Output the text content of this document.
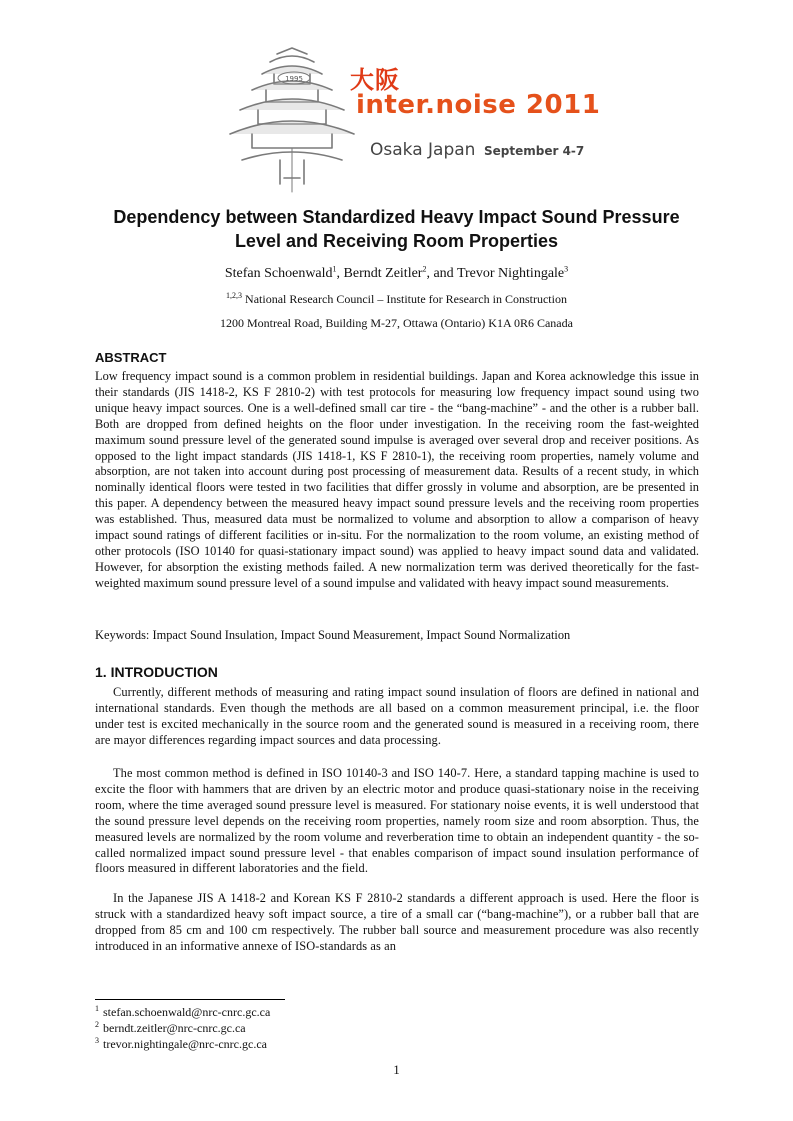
1995 大阪
inter.noise 2011
Osaka Japan September 4-7
Dependency between Standardized Heavy Impact Sound Pressure
Level and Receiving Room Properties
Stefan Schoenwald$^1$, Berndt Zeitler$^2$, and Trevor Nightingale$^3$
$^{1,2,3}$ National Research Council – Institute for Research in Construction
1200 Montreal Road, Building M-27, Ottawa (Ontario) K1A 0R6 Canada
ABSTRACT

Low frequency impact sound is a common problem in residential buildings. Japan and Korea acknowledge this issue in their standards (JIS 1418-2, KS F 2810-2) with test protocols for measuring low frequency impact sound using two unique heavy impact sources. One is a well-defined small car tire - the “bang-machine” - and the other is a rubber ball. Both are dropped from defined heights on the floor under investigation. In the receiving room the fast-weighted maximum sound pressure level of the generated sound impulse is averaged over several drop and receiver positions. As opposed to the light impact standards (JIS 1418-1, KS F 2810-1), the receiving room properties, namely volume and absorption, are not taken into account during post processing of measurement data. Results of a recent study, in which nominally identical floors were tested in two facilities that differ grossly in volume and absorption, are be presented in this paper. A dependency between the measured heavy impact sound pressure levels and the receiving room properties was established. Thus, measured data must be normalized to volume and absorption to allow a comparison of heavy impact sound ratings of different facilities or in-situ. For the normalization to the room volume, an existing method of other protocols (ISO 10140 for quasi-stationary impact sound) was applied to heavy impact sound data and validated. However, for absorption the existing methods failed. A new normalization term was derived theoretically for the fast-weighted maximum sound pressure level of a sound impulse and validated with heavy impact sound measurements.

Keywords: Impact Sound Insulation, Impact Sound Measurement, Impact Sound Normalization
1. INTRODUCTION

Currently, different methods of measuring and rating impact sound insulation of floors are defined in national and international standards. Even though the methods are all based on a common measurement principal, i.e. the floor under test is excited mechanically in the source room and the generated sound is measured in a receiving room, there are mayor differences regarding impact sources and data processing.

The most common method is defined in ISO 10140-3 and ISO 140-7. Here, a standard tapping machine is used to excite the floor with hammers that are driven by an electric motor and produce quasi-stationary noise in the receiving room, where the time averaged sound pressure level is measured. For stationary noise events, it is well understood that the sound pressure level depends on the receiving room properties, namely room size and room absorption. Thus, the measured levels are normalized by the room volume and reverberation time to obtain an independent quantity - the so-called normalized impact sound pressure level - that enables comparison of impact sound insulation performance of floors measured in different laboratories and the field.

In the Japanese JIS A 1418-2 and Korean KS F 2810-2 standards a different approach is used. Here the floor is struck with a standardized heavy soft impact source, a tire of a small car (“bang-machine”), or a rubber ball that are dropped from 85 cm and 100 cm respectively. The rubber ball source and measurement procedure was also recently introduced in an informative annexe of ISO-standards as an

$^1$ stefan.schoenwald@nrc-cnrc.gc.ca
$^2$ berndt.zeitler@nrc-cnrc.gc.ca
$^3$ trevor.nightingale@nrc-cnrc.gc.ca
1
